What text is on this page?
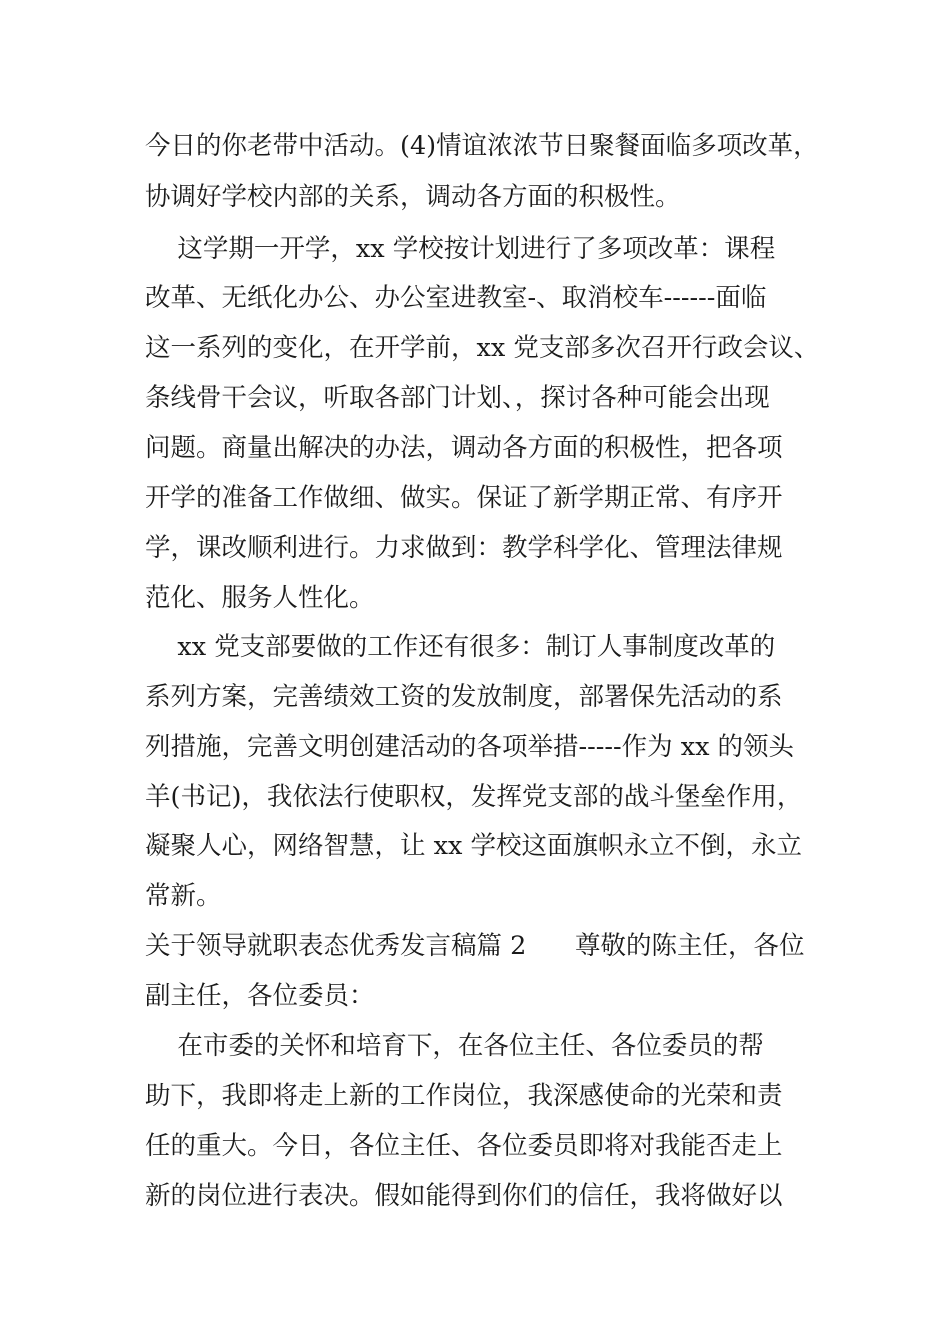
今日的你老带中活动。(4)情谊浓浓节日聚餐面临多项改革，
协调好学校内部的关系，调动各方面的积极性。
这学期一开学，xx 学校按计划进行了多项改革：课程
改革、无纸化办公、办公室进教室-、取消校车------面临
这一系列的变化，在开学前，xx 党支部多次召开行政会议、
条线骨干会议，听取各部门计划、，探讨各种可能会出现
问题。商量出解决的办法，调动各方面的积极性，把各项
开学的准备工作做细、做实。保证了新学期正常、有序开
学，课改顺利进行。力求做到：教学科学化、管理法律规
范化、服务人性化。
xx 党支部要做的工作还有很多：制订人事制度改革的
系列方案，完善绩效工资的发放制度，部署保先活动的系
列措施，完善文明创建活动的各项举措-----作为 xx 的领头
羊(书记)，我依法行使职权，发挥党支部的战斗堡垒作用，
凝聚人心，网络智慧，让 xx 学校这面旗帜永立不倒，永立
常新。
关于领导就职表态优秀发言稿篇 2      尊敬的陈主任，各位
副主任，各位委员：
在市委的关怀和培育下，在各位主任、各位委员的帮
助下，我即将走上新的工作岗位，我深感使命的光荣和责
任的重大。今日，各位主任、各位委员即将对我能否走上
新的岗位进行表决。假如能得到你们的信任，我将做好以
